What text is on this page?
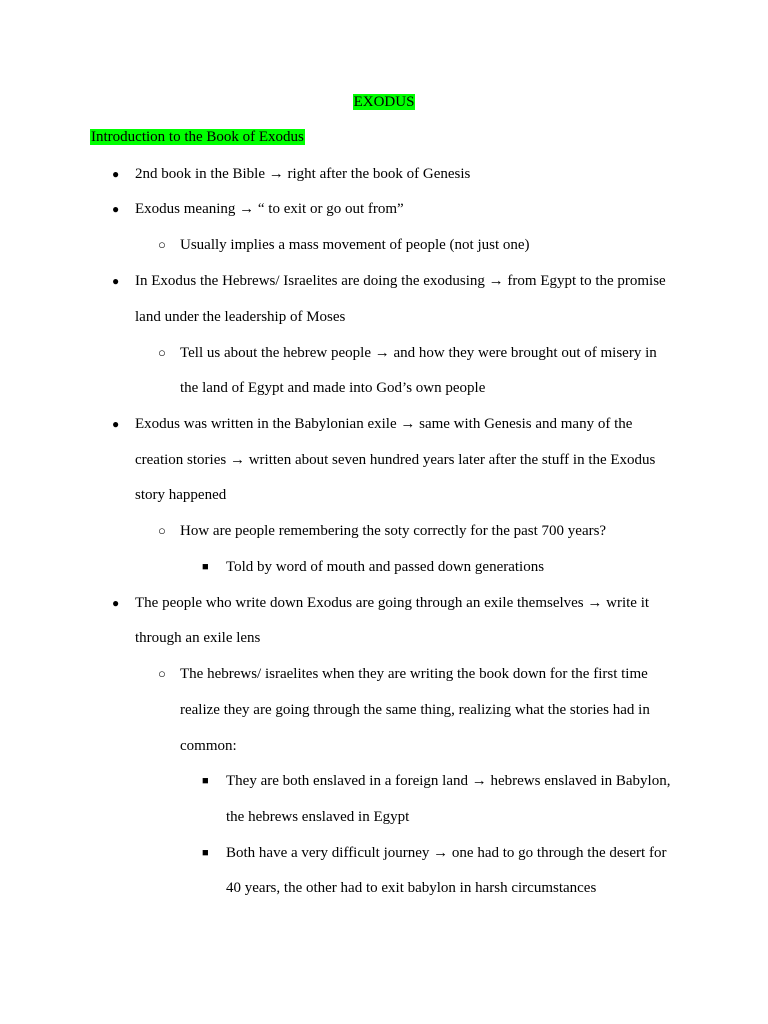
EXODUS
Introduction to the Book of Exodus
● 2nd book in the Bible → right after the book of Genesis
● Exodus meaning → “ to exit or go out from”
○ Usually implies a mass movement of people (not just one)
● In Exodus the Hebrews/ Israelites are doing the exodusing → from Egypt to the promise
land under the leadership of Moses
○ Tell us about the hebrew people → and how they were brought out of misery in
the land of Egypt and made into God’s own people
● Exodus was written in the Babylonian exile → same with Genesis and many of the
creation stories → written about seven hundred years later after the stuff in the Exodus
story happened
○ How are people remembering the soty correctly for the past 700 years?
■ Told by word of mouth and passed down generations
● The people who write down Exodus are going through an exile themselves → write it
through an exile lens
○ The hebrews/ israelites when they are writing the book down for the first time
realize they are going through the same thing, realizing what the stories had in
common:
■ They are both enslaved in a foreign land → hebrews enslaved in Babylon,
the hebrews enslaved in Egypt
■ Both have a very difficult journey → one had to go through the desert for
40 years, the other had to exit babylon in harsh circumstances
